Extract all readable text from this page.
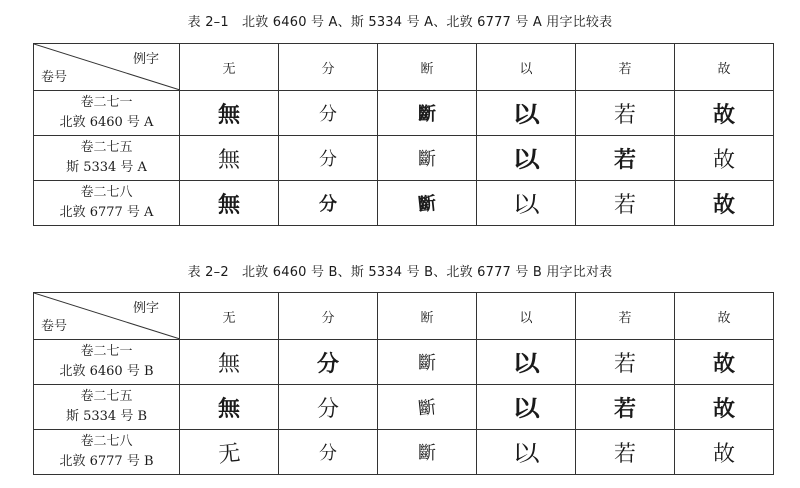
表 2–1　北敦 6460 号 A、斯 5334 号 A、北敦 6777 号 A 用字比较表
例字
卷号	无	分	断	以	若	故

卷二七一
北敦 6460 号 A	無	分	斷	以	若	故

卷二七五
斯 5334 号 A	無	分	斷	以	若	故

卷二七八
北敦 6777 号 A	無	分	斷	以	若	故
表 2–2　北敦 6460 号 B、斯 5334 号 B、北敦 6777 号 B 用字比对表
例字
卷号	无	分	断	以	若	故

卷二七一
北敦 6460 号 B	無	分	斷	以	若	故

卷二七五
斯 5334 号 B	無	分	斷	以	若	故

卷二七八
北敦 6777 号 B	无	分	斷	以	若	故
